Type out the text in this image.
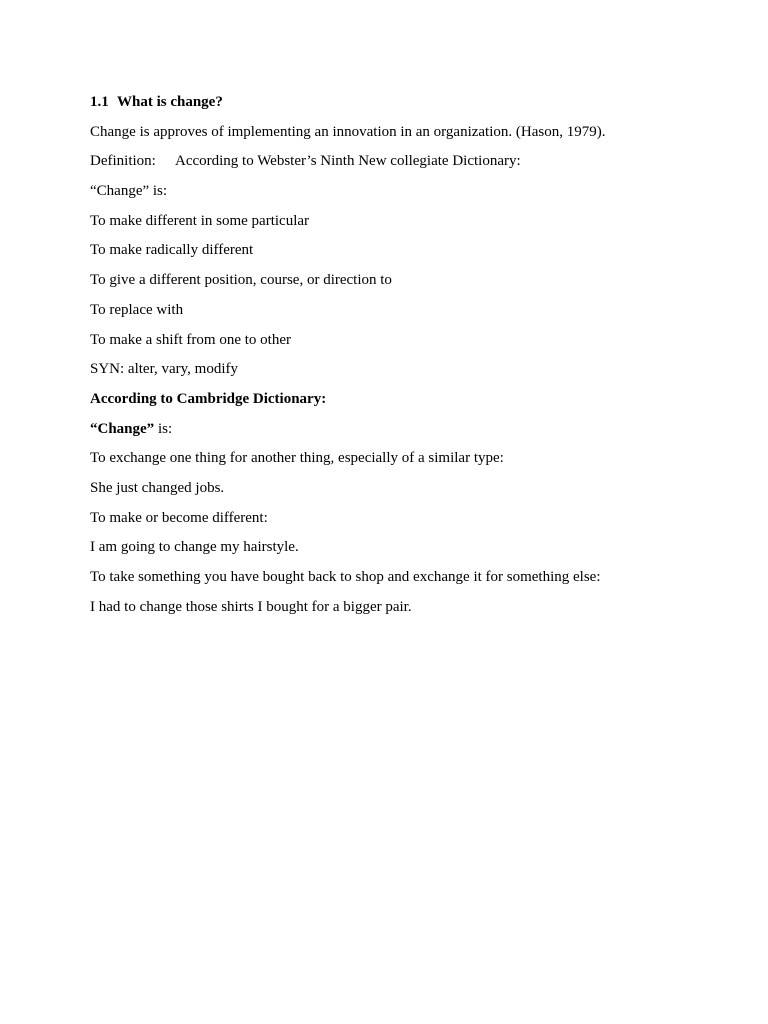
1.1 What is change?
Change is approves of implementing an innovation in an organization. (Hason, 1979).
Definition: According to Webster’s Ninth New collegiate Dictionary:
“Change” is:
To make different in some particular
To make radically different
To give a different position, course, or direction to
To replace with
To make a shift from one to other
SYN: alter, vary, modify
According to Cambridge Dictionary:
“Change” is:
To exchange one thing for another thing, especially of a similar type:
She just changed jobs.
To make or become different:
I am going to change my hairstyle.
To take something you have bought back to shop and exchange it for something else:
I had to change those shirts I bought for a bigger pair.
